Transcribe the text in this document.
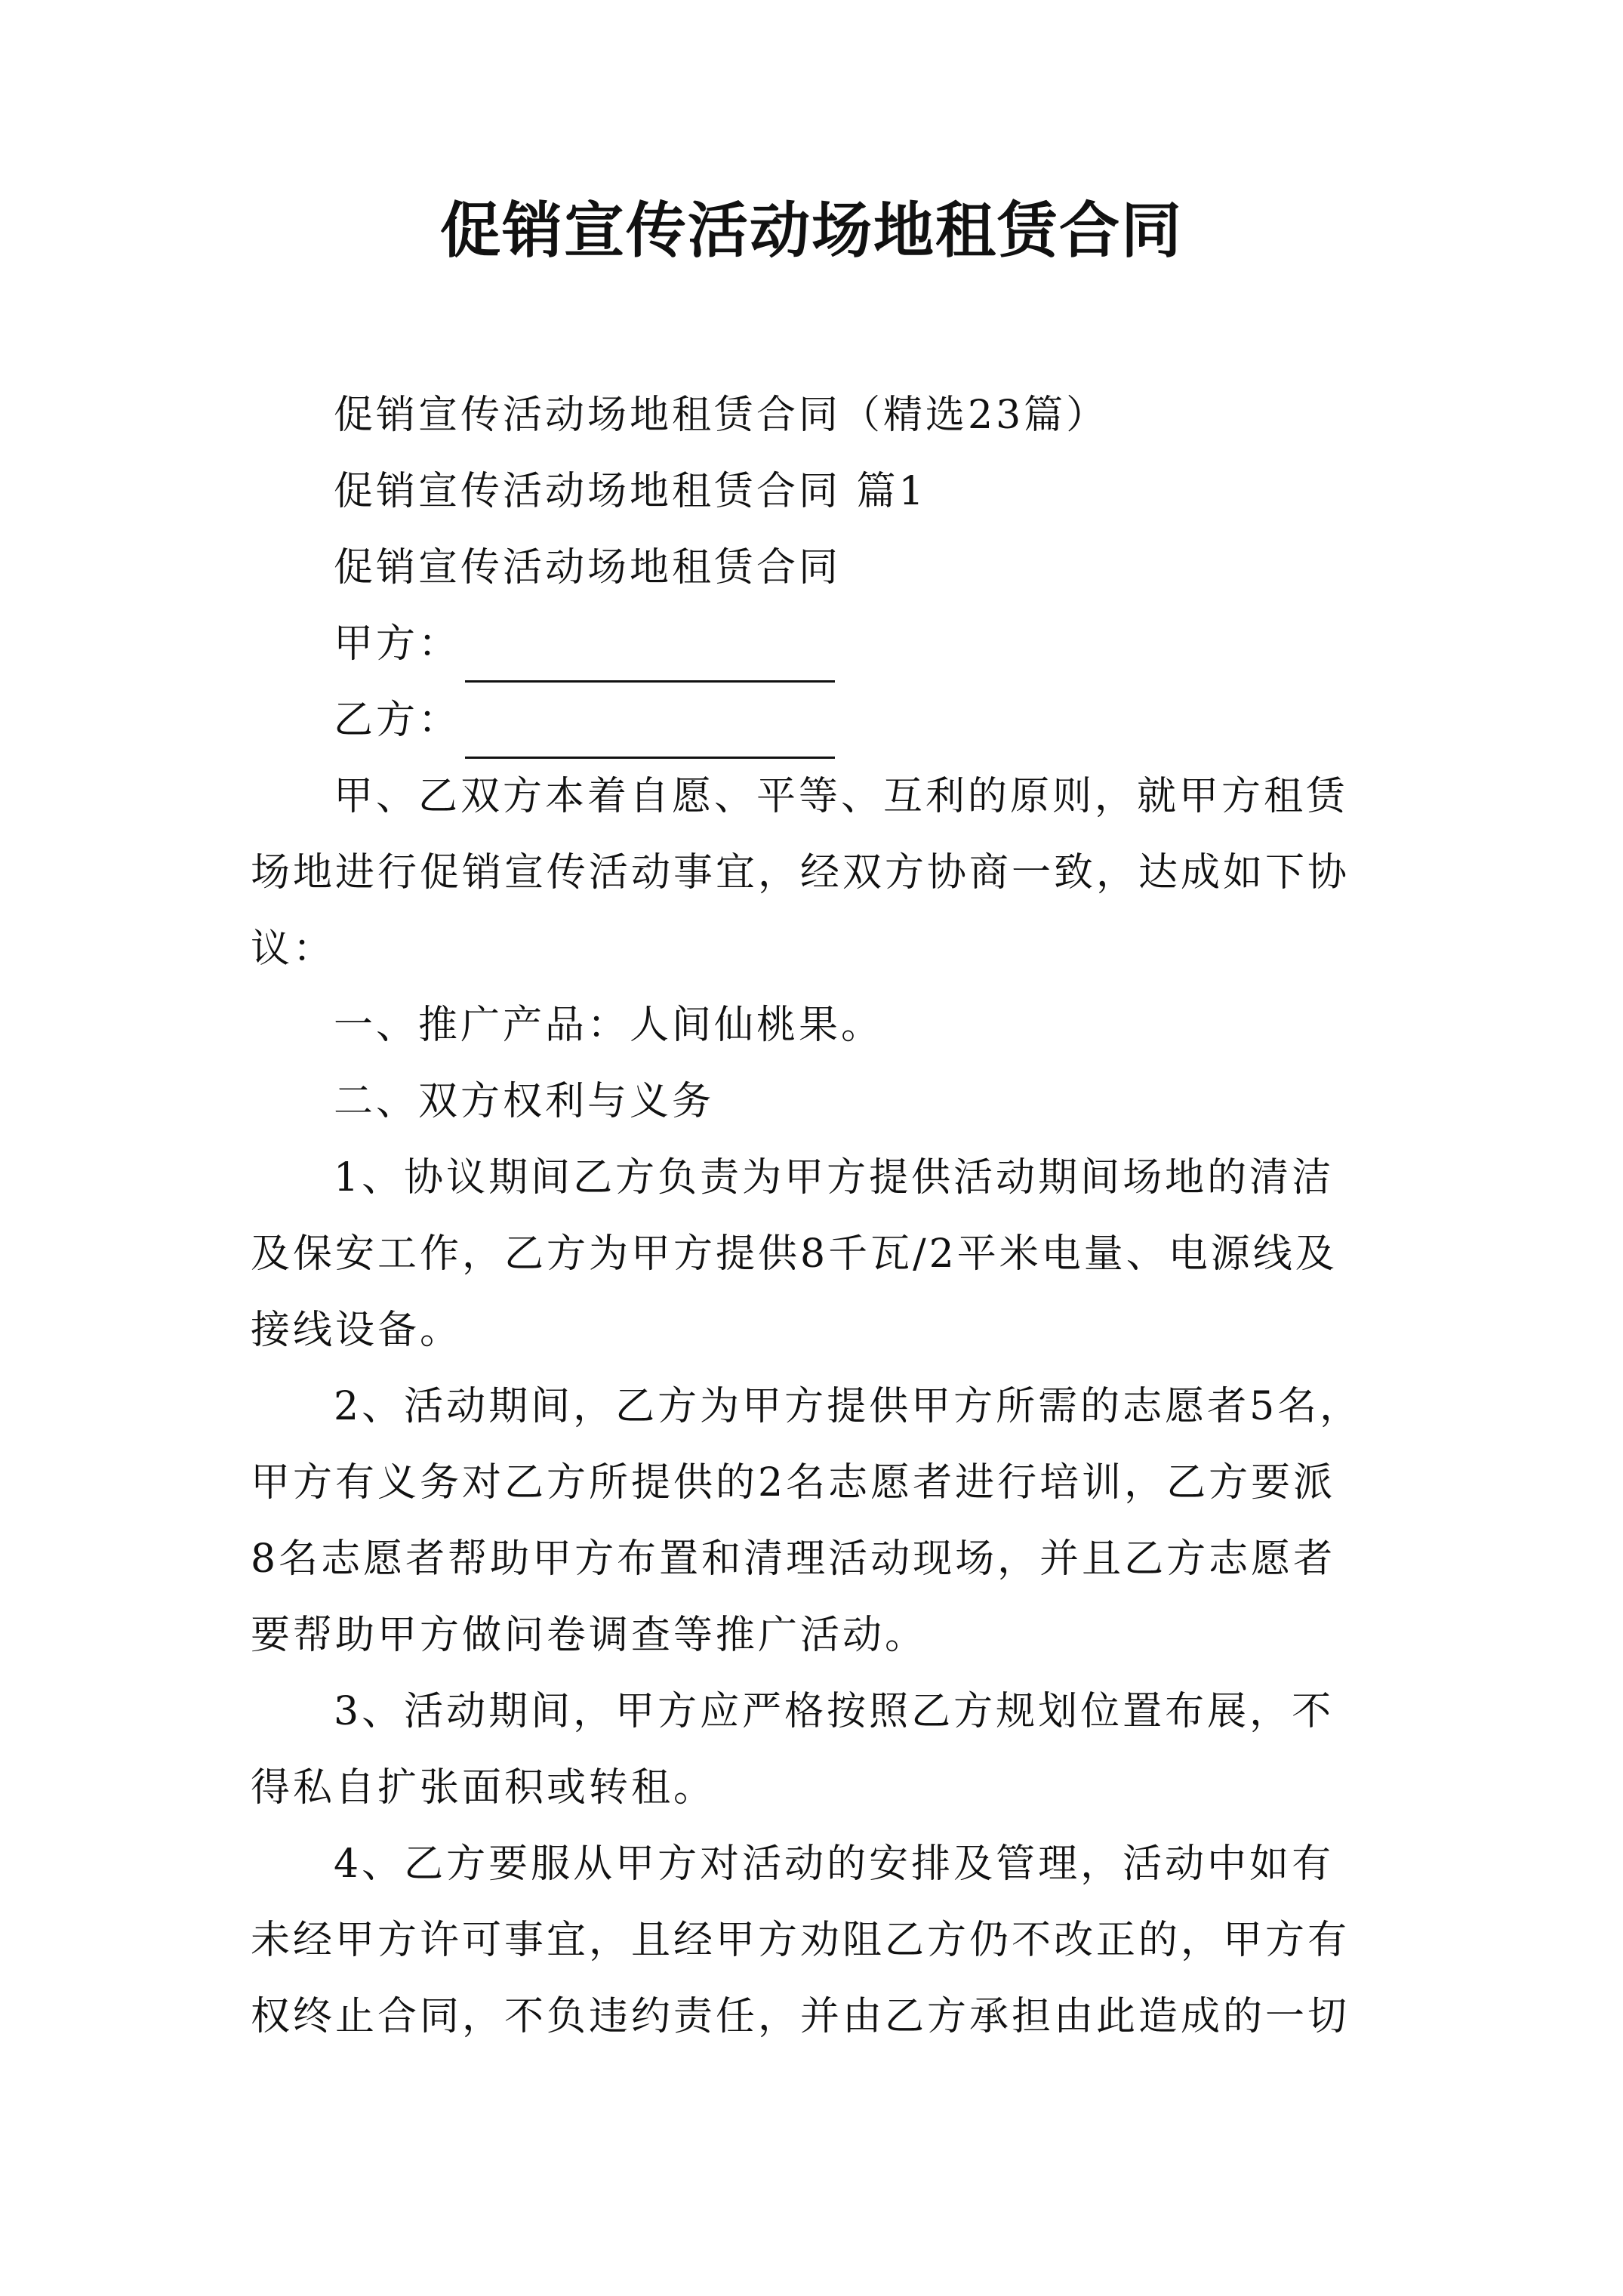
促销宣传活动场地租赁合同
促销宣传活动场地租赁合同（精选23篇）
促销宣传活动场地租赁合同 篇1
促销宣传活动场地租赁合同
甲方：
乙方：
甲、乙双方本着自愿、平等、互利的原则，就甲方租赁
场地进行促销宣传活动事宜，经双方协商一致，达成如下协
议：
一、推广产品：人间仙桃果。
二、双方权利与义务
1、协议期间乙方负责为甲方提供活动期间场地的清洁
及保安工作，乙方为甲方提供8千瓦/2平米电量、电源线及
接线设备。
2、活动期间，乙方为甲方提供甲方所需的志愿者5名，
甲方有义务对乙方所提供的2名志愿者进行培训，乙方要派
8名志愿者帮助甲方布置和清理活动现场，并且乙方志愿者
要帮助甲方做问卷调查等推广活动。
3、活动期间，甲方应严格按照乙方规划位置布展，不
得私自扩张面积或转租。
4、乙方要服从甲方对活动的安排及管理，活动中如有
未经甲方许可事宜，且经甲方劝阻乙方仍不改正的，甲方有
权终止合同，不负违约责任，并由乙方承担由此造成的一切
